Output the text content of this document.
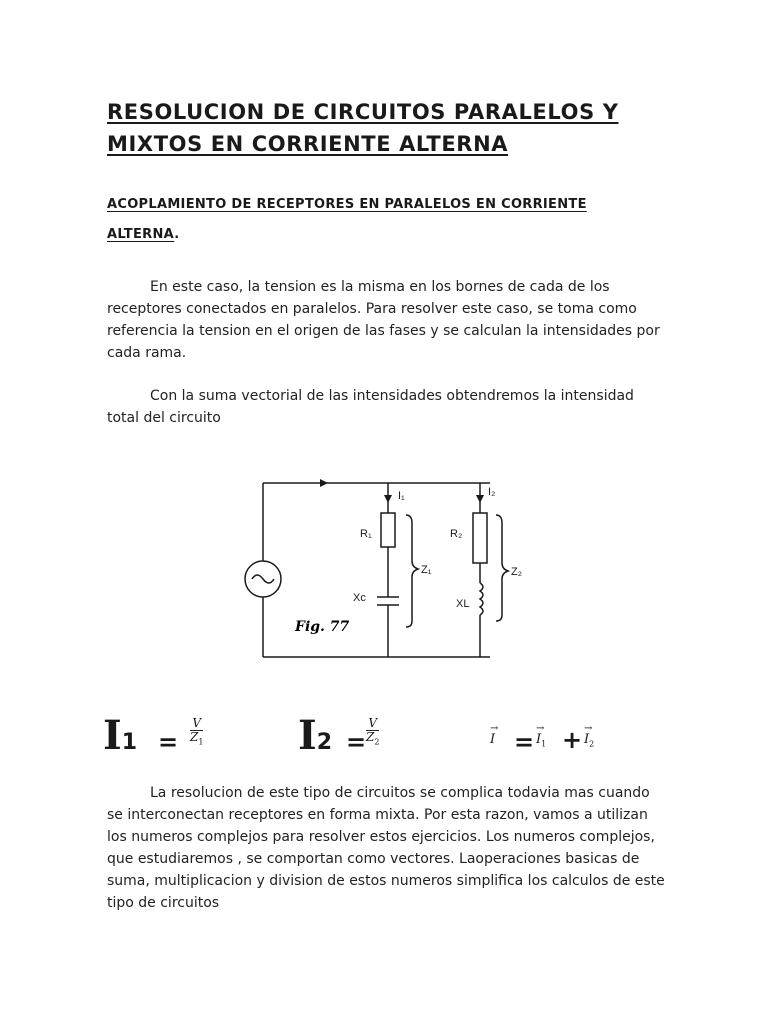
RESOLUCION DE CIRCUITOS PARALELOS Y
MIXTOS EN CORRIENTE ALTERNA
ACOPLAMIENTO DE RECEPTORES EN PARALELOS EN CORRIENTE
ALTERNA.
En este caso, la tension es la misma en los bornes de cada de los receptores conectados en paralelos. Para resolver este caso, se toma como referencia la tension en el origen de las fases y se calculan la intensidades por cada rama.
Con la suma vectorial de las intensidades obtendremos la intensidad total del circuito
I₁	I₂
R₁	R₂
Z₁	Z₂
Xc	XL
Fig. 77
$I1 = \frac{V}{Z_1} I2 = \frac{V}{Z_2}$	→
I = →
$I_1$ + →
$I_2$
La resolucion de este tipo de circuitos se complica todavia mas cuando se interconectan receptores en forma mixta. Por esta razon, vamos a utilizan los numeros complejos para resolver estos ejercicios. Los numeros complejos, que estudiaremos , se comportan como vectores. Laoperaciones basicas de suma, multiplicacion y division de estos numeros simplifica los calculos de este tipo de circuitos
